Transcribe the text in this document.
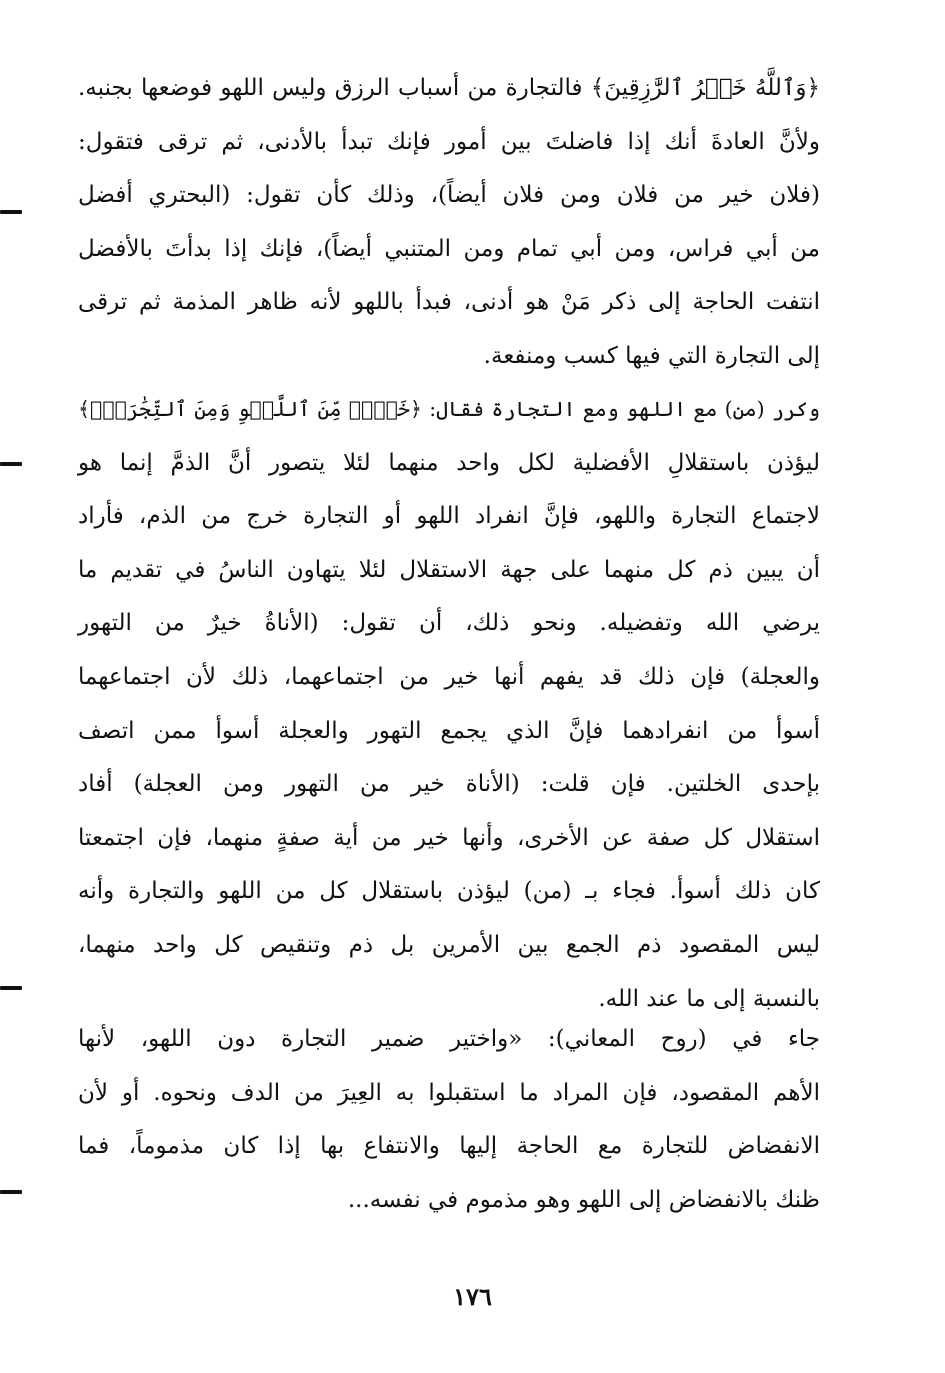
﴿وَٱللَّهُ خَيۡرُ ٱلرَّٰزِقِينَ﴾ فالتجارة من أسباب الرزق وليس اللهو فوضعها بجنبه.
ولأنَّ العادةَ أنك إذا فاضلتَ بين أمور فإنك تبدأ بالأدنى، ثم ترقى فتقول:
(فلان خير من فلان ومن فلان أيضاً)، وذلك كأن تقول: (البحتري أفضل
من أبي فراس، ومن أبي تمام ومن المتنبي أيضاً)، فإنك إذا بدأتَ بالأفضل
انتفت الحاجة إلى ذكر مَنْ هو أدنى، فبدأ باللهو لأنه ظاهر المذمة ثم ترقى
إلى التجارة التي فيها كسب ومنفعة.
وكرر (من) مع اللهو ومع التجارة فقال: ﴿خَيۡرٞ مِّنَ ٱللَّهۡوِ وَمِنَ ٱلتِّجَٰرَةِۚ﴾
ليؤذن باستقلالِ الأفضلية لكل واحد منهما لئلا يتصور أنَّ الذمَّ إنما هو
لاجتماع التجارة واللهو، فإنَّ انفراد اللهو أو التجارة خرج من الذم، فأراد
أن يبين ذم كل منهما على جهة الاستقلال لئلا يتهاون الناسُ في تقديم ما
يرضي الله وتفضيله. ونحو ذلك، أن تقول: (الأناةُ خيرٌ من التهور
والعجلة) فإن ذلك قد يفهم أنها خير من اجتماعهما، ذلك لأن اجتماعهما
أسوأ من انفرادهما فإنَّ الذي يجمع التهور والعجلة أسوأ ممن اتصف
بإحدى الخلتين. فإن قلت: (الأناة خير من التهور ومن العجلة) أفاد
استقلال كل صفة عن الأخرى، وأنها خير من أية صفةٍ منهما، فإن اجتمعتا
كان ذلك أسوأ. فجاء بـ (من) ليؤذن باستقلال كل من اللهو والتجارة وأنه
ليس المقصود ذم الجمع بين الأمرين بل ذم وتنقيص كل واحد منهما،
بالنسبة إلى ما عند الله.
جاء في (روح المعاني): «واختير ضمير التجارة دون اللهو، لأنها
الأهم المقصود، فإن المراد ما استقبلوا به العِيرَ من الدف ونحوه. أو لأن
الانفضاض للتجارة مع الحاجة إليها والانتفاع بها إذا كان مذموماً، فما
ظنك بالانفضاض إلى اللهو وهو مذموم في نفسه...
١٧٦
